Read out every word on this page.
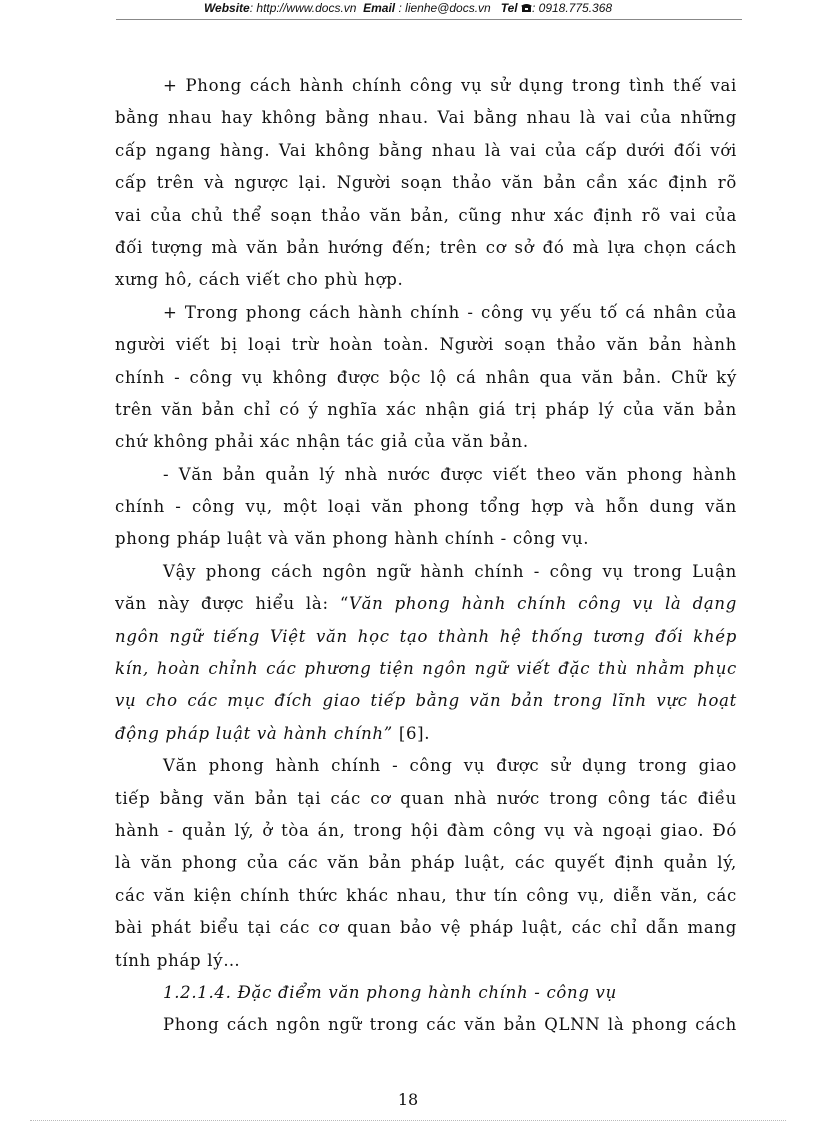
Website: http://www.docs.vn Email : lienhe@docs.vn Tel : 0918.775.368
+ Phong cách hành chính công vụ sử dụng trong tình thế vai
bằng nhau hay không bằng nhau. Vai bằng nhau là vai của những
cấp ngang hàng. Vai không bằng nhau là vai của cấp dưới đối với
cấp trên và ngược lại. Người soạn thảo văn bản cần xác định rõ
vai của chủ thể soạn thảo văn bản, cũng như xác định rõ vai của
đối tượng mà văn bản hướng đến; trên cơ sở đó mà lựa chọn cách
xưng hô, cách viết cho phù hợp.
+ Trong phong cách hành chính - công vụ yếu tố cá nhân của
người viết bị loại trừ hoàn toàn. Người soạn thảo văn bản hành
chính - công vụ không được bộc lộ cá nhân qua văn bản. Chữ ký
trên văn bản chỉ có ý nghĩa xác nhận giá trị pháp lý của văn bản
chứ không phải xác nhận tác giả của văn bản.
- Văn bản quản lý nhà nước được viết theo văn phong hành
chính - công vụ, một loại văn phong tổng hợp và hỗn dung văn
phong pháp luật và văn phong hành chính - công vụ.
Vậy phong cách ngôn ngữ hành chính - công vụ trong Luận
văn này được hiểu là: “Văn phong hành chính công vụ là dạng
ngôn ngữ tiếng Việt văn học tạo thành hệ thống tương đối khép
kín, hoàn chỉnh các phương tiện ngôn ngữ viết đặc thù nhằm phục
vụ cho các mục đích giao tiếp bằng văn bản trong lĩnh vực hoạt
động pháp luật và hành chính” [6].
Văn phong hành chính - công vụ được sử dụng trong giao
tiếp bằng văn bản tại các cơ quan nhà nước trong công tác điều
hành - quản lý, ở tòa án, trong hội đàm công vụ và ngoại giao. Đó
là văn phong của các văn bản pháp luật, các quyết định quản lý,
các văn kiện chính thức khác nhau, thư tín công vụ, diễn văn, các
bài phát biểu tại các cơ quan bảo vệ pháp luật, các chỉ dẫn mang
tính pháp lý…
1.2.1.4. Đặc điểm văn phong hành chính - công vụ
Phong cách ngôn ngữ trong các văn bản QLNN là phong cách
18
